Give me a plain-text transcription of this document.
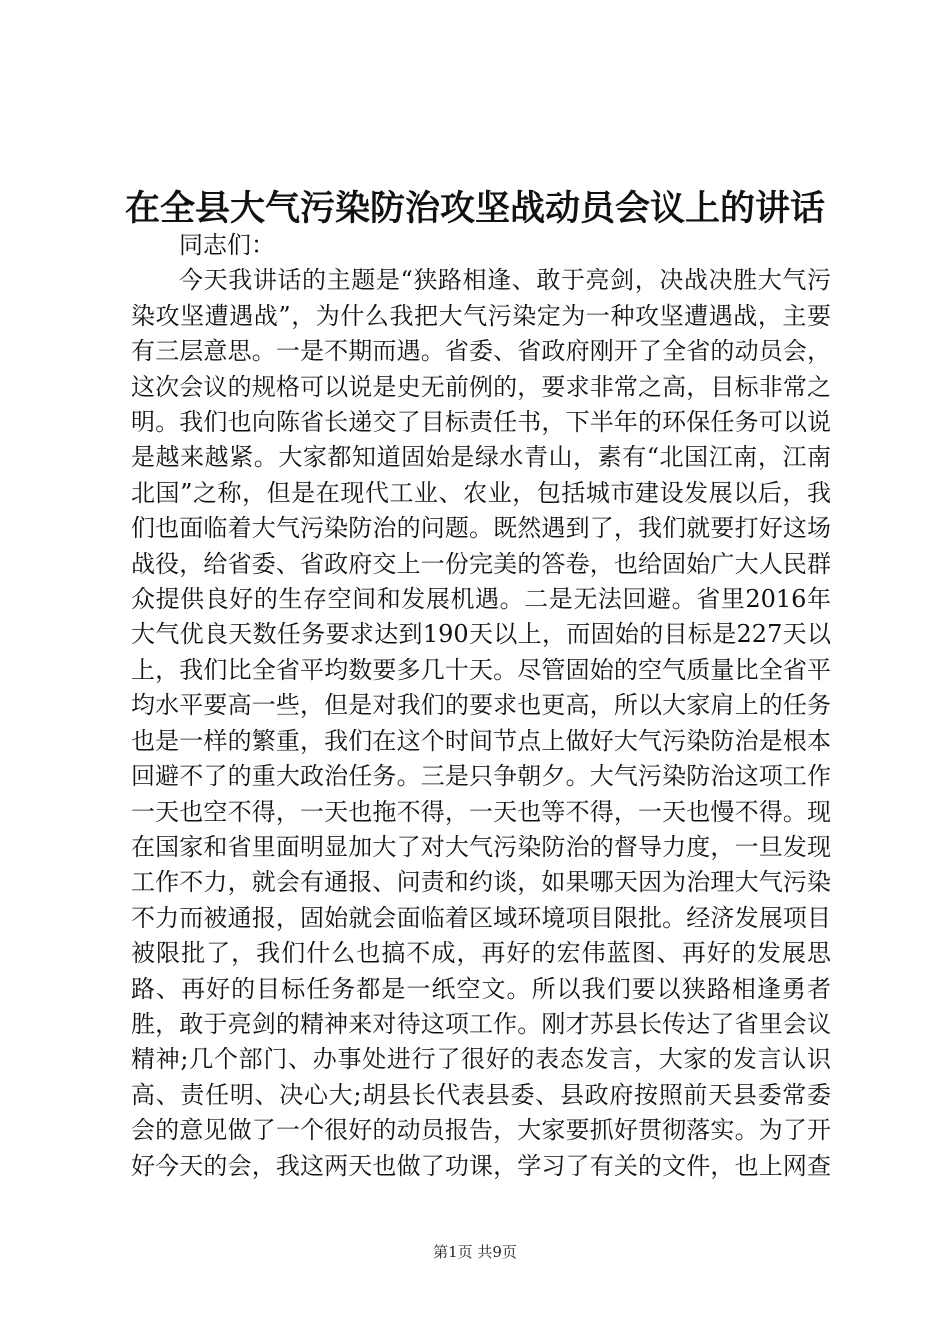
在全县大气污染防治攻坚战动员会议上的讲话

同志们：

今天我讲话的主题是“狭路相逢、敢于亮剑，决战决胜大气污染攻坚遭遇战”，为什么我把大气污染定为一种攻坚遭遇战，主要有三层意思。一是不期而遇。省委、省政府刚开了全省的动员会，这次会议的规格可以说是史无前例的，要求非常之高，目标非常之明。我们也向陈省长递交了目标责任书，下半年的环保任务可以说是越来越紧。大家都知道固始是绿水青山，素有“北国江南，江南北国”之称，但是在现代工业、农业，包括城市建设发展以后，我们也面临着大气污染防治的问题。既然遇到了，我们就要打好这场战役，给省委、省政府交上一份完美的答卷，也给固始广大人民群众提供良好的生存空间和发展机遇。二是无法回避。省里2016年大气优良天数任务要求达到190天以上，而固始的目标是227天以上，我们比全省平均数要多几十天。尽管固始的空气质量比全省平均水平要高一些，但是对我们的要求也更高，所以大家肩上的任务也是一样的繁重，我们在这个时间节点上做好大气污染防治是根本回避不了的重大政治任务。三是只争朝夕。大气污染防治这项工作一天也空不得，一天也拖不得，一天也等不得，一天也慢不得。现在国家和省里面明显加大了对大气污染防治的督导力度，一旦发现工作不力，就会有通报、问责和约谈，如果哪天因为治理大气污染不力而被通报，固始就会面临着区域环境项目限批。经济发展项目被限批了，我们什么也搞不成，再好的宏伟蓝图、再好的发展思路、再好的目标任务都是一纸空文。所以我们要以狭路相逢勇者胜，敢于亮剑的精神来对待这项工作。刚才苏县长传达了省里会议精神;几个部门、办事处进行了很好的表态发言，大家的发言认识高、责任明、决心大;胡县长代表县委、县政府按照前天县委常委会的意见做了一个很好的动员报告，大家要抓好贯彻落实。为了开好今天的会，我这两天也做了功课，学习了有关的文件，也上网查

第1页 共9页
